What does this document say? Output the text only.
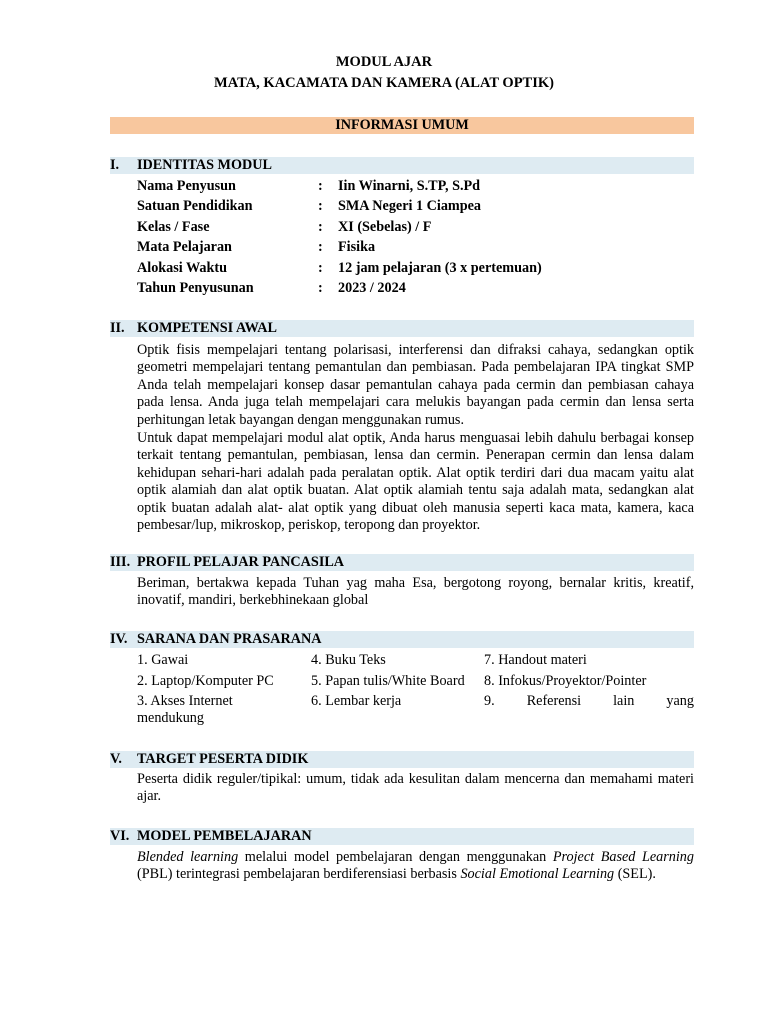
MODUL AJAR
MATA, KACAMATA DAN KAMERA (ALAT OPTIK)
INFORMASI UMUM
I. IDENTITAS MODUL
Nama Penyusun	: Iin Winarni, S.TP, S.Pd
Satuan Pendidikan	: SMA Negeri 1 Ciampea
Kelas / Fase	: XI (Sebelas) / F
Mata Pelajaran	: Fisika
Alokasi Waktu	: 12 jam pelajaran (3 x pertemuan)
Tahun Penyusunan	: 2023 / 2024
II. KOMPETENSI AWAL
Optik fisis mempelajari tentang polarisasi, interferensi dan difraksi cahaya, sedangkan optik geometri mempelajari tentang pemantulan dan pembiasan. Pada pembelajaran IPA tingkat SMP Anda telah mempelajari konsep dasar pemantulan cahaya pada cermin dan pembiasan cahaya pada lensa. Anda juga telah mempelajari cara melukis bayangan pada cermin dan lensa serta perhitungan letak bayangan dengan menggunakan rumus.
Untuk dapat mempelajari modul alat optik, Anda harus menguasai lebih dahulu berbagai konsep terkait tentang pemantulan, pembiasan, lensa dan cermin. Penerapan cermin dan lensa dalam kehidupan sehari-hari adalah pada peralatan optik. Alat optik terdiri dari dua macam yaitu alat optik alamiah dan alat optik buatan. Alat optik alamiah tentu saja adalah mata, sedangkan alat optik buatan adalah alat- alat optik yang dibuat oleh manusia seperti kaca mata, kamera, kaca pembesar/lup, mikroskop, periskop, teropong dan proyektor.
III. PROFIL PELAJAR PANCASILA
Beriman, bertakwa kepada Tuhan yag maha Esa, bergotong royong, bernalar kritis, kreatif, inovatif, mandiri, berkebhinekaan global
IV. SARANA DAN PRASARANA
1. Gawai
2. Laptop/Komputer PC
3. Akses Internet mendukung
4. Buku Teks
5. Papan tulis/White Board
6. Lembar kerja
7. Handout materi
8. Infokus/Proyektor/Pointer
9. Referensi lain yang
V. TARGET PESERTA DIDIK
Peserta didik reguler/tipikal: umum, tidak ada kesulitan dalam mencerna dan memahami materi ajar.
VI. MODEL PEMBELAJARAN
Blended learning melalui model pembelajaran dengan menggunakan Project Based Learning (PBL) terintegrasi pembelajaran berdiferensiasi berbasis Social Emotional Learning (SEL).
